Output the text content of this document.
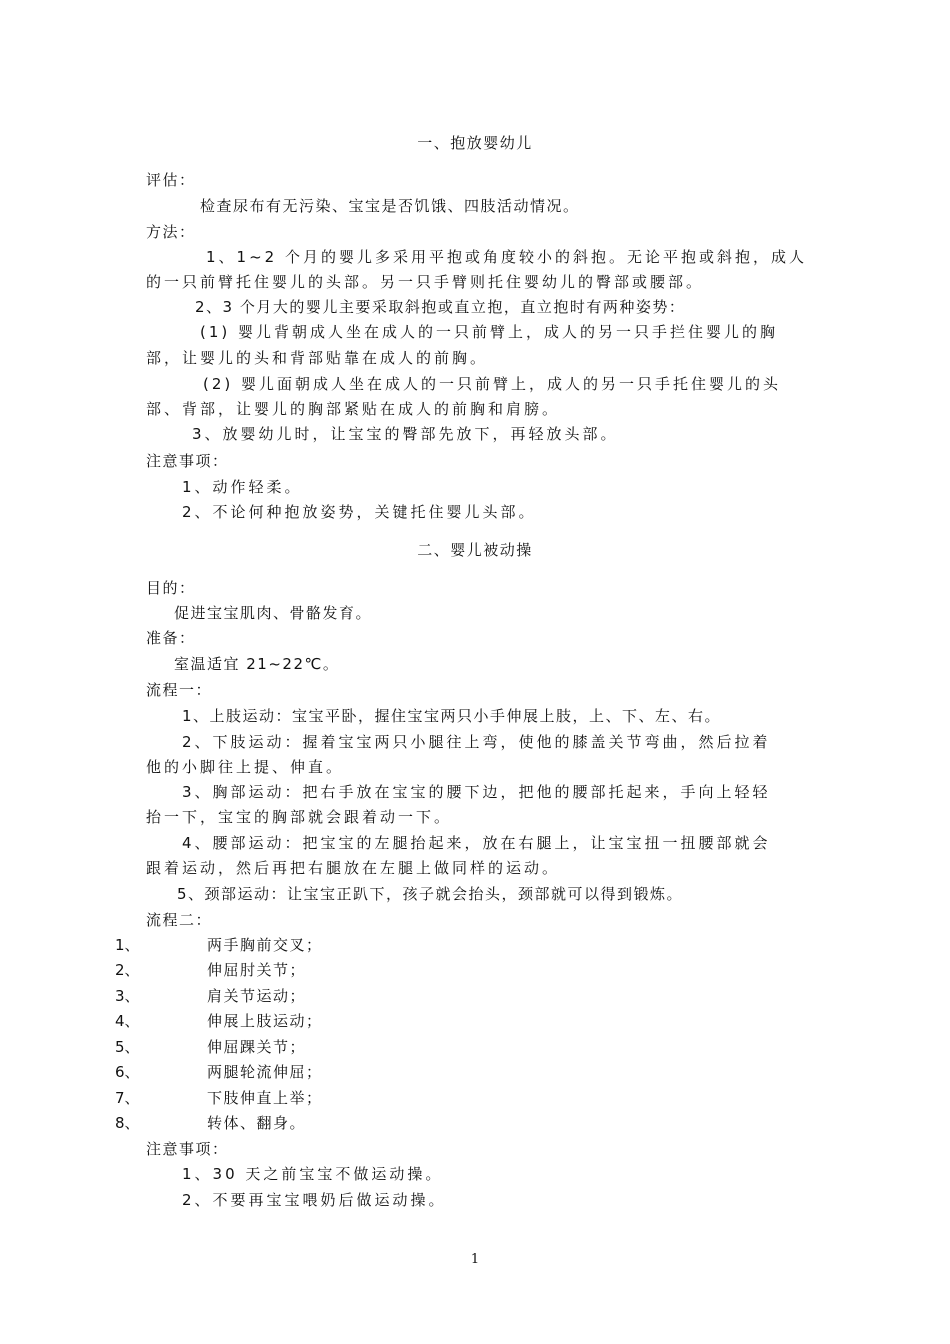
一、抱放婴幼儿
评估：
检查尿布有无污染、宝宝是否饥饿、四肢活动情况。
方法：
1、1~2 个月的婴儿多采用平抱或角度较小的斜抱。无论平抱或斜抱，成人
的一只前臂托住婴儿的头部。另一只手臂则托住婴幼儿的臀部或腰部。
2、3 个月大的婴儿主要采取斜抱或直立抱，直立抱时有两种姿势：
(1) 婴儿背朝成人坐在成人的一只前臂上，成人的另一只手拦住婴儿的胸
部，让婴儿的头和背部贴靠在成人的前胸。
(2) 婴儿面朝成人坐在成人的一只前臂上，成人的另一只手托住婴儿的头
部、背部，让婴儿的胸部紧贴在成人的前胸和肩膀。
3、放婴幼儿时，让宝宝的臀部先放下，再轻放头部。
注意事项：
1、动作轻柔。
2、不论何种抱放姿势，关键托住婴儿头部。
二、婴儿被动操
目的：
促进宝宝肌肉、骨骼发育。
准备：
室温适宜 21~22℃。
流程一：
1、上肢运动：宝宝平卧，握住宝宝两只小手伸展上肢，上、下、左、右。
2、下肢运动：握着宝宝两只小腿往上弯，使他的膝盖关节弯曲，然后拉着
他的小脚往上提、伸直。
3、胸部运动：把右手放在宝宝的腰下边，把他的腰部托起来，手向上轻轻
抬一下，宝宝的胸部就会跟着动一下。
4、腰部运动：把宝宝的左腿抬起来，放在右腿上，让宝宝扭一扭腰部就会
跟着运动，然后再把右腿放在左腿上做同样的运动。
5、颈部运动：让宝宝正趴下，孩子就会抬头，颈部就可以得到锻炼。
流程二：
1、	两手胸前交叉；
2、	伸屈肘关节；
3、	肩关节运动；
4、	伸展上肢运动；
5、	伸屈踝关节；
6、	两腿轮流伸屈；
7、	下肢伸直上举；
8、	转体、翻身。
注意事项：
1、30 天之前宝宝不做运动操。
2、不要再宝宝喂奶后做运动操。
1
